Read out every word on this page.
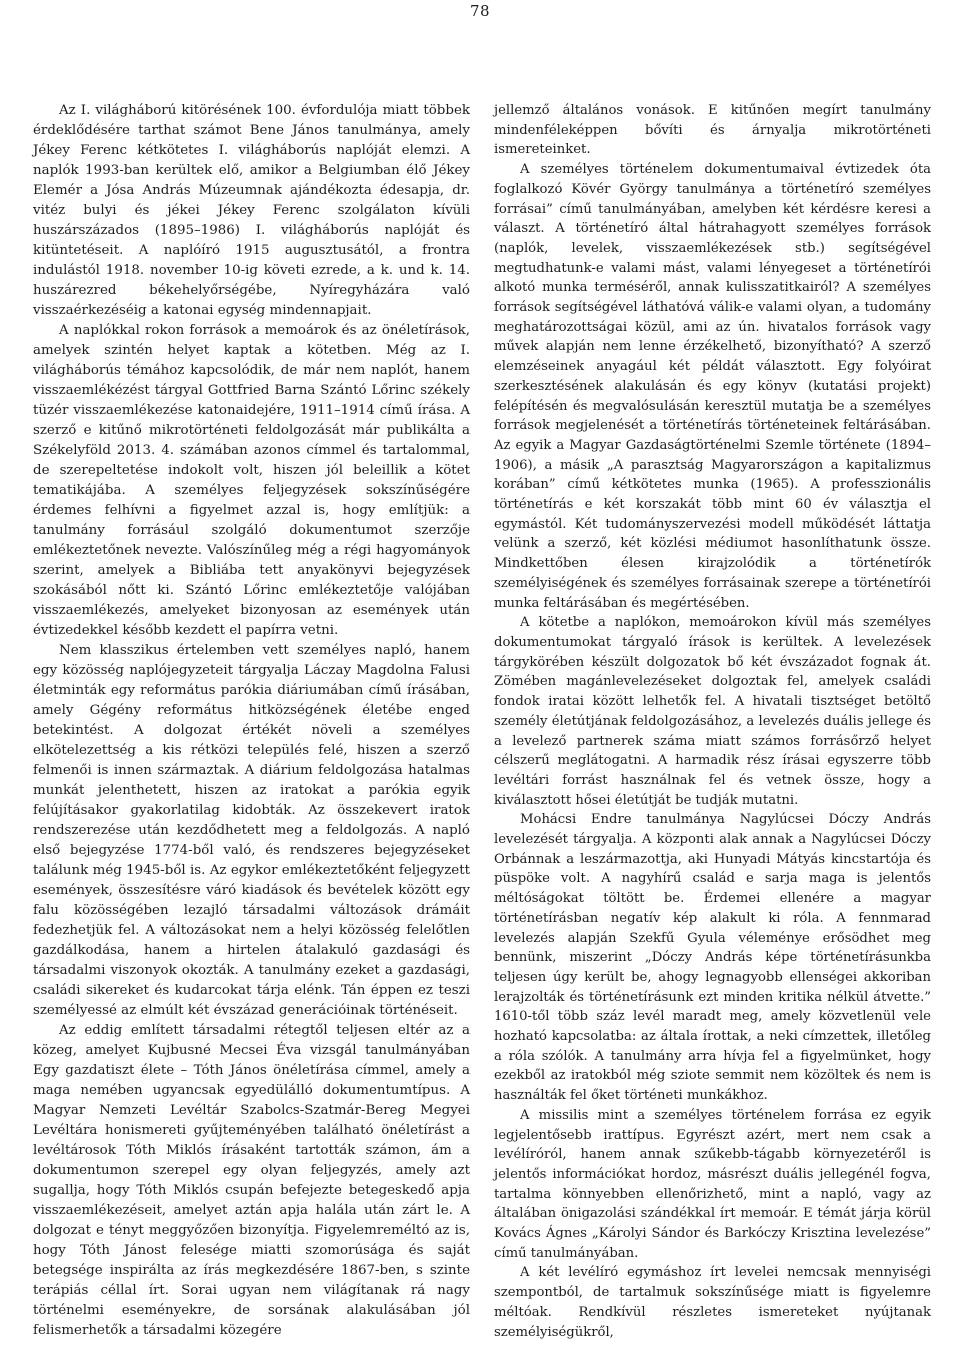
78

Az I. világháború kitörésének 100. évfordulója miatt többek érdeklődésére tarthat számot Bene János tanulmánya, amely Jékey Ferenc kétkötetes I. világháborús naplóját elemzi. A naplók 1993-ban kerültek elő, amikor a Belgiumban élő Jékey Elemér a Jósa András Múzeumnak ajándékozta édesapja, dr. vitéz bulyi és jékei Jékey Ferenc szolgálaton kívüli huszárszázados (1895–1986) I. világháborús naplóját és kitüntetéseit. A naplóíró 1915 augusztusától, a frontra indulástól 1918. november 10-ig követi ezrede, a k. und k. 14. huszárezred békehelyőrségébe, Nyíregyházára való visszaérkezéséig a katonai egység mindennapjait.

A naplókkal rokon források a memoárok és az önéletírások, amelyek szintén helyet kaptak a kötetben. Még az I. világháborús témához kapcsolódik, de már nem naplót, hanem visszaemlékézést tárgyal Gottfried Barna Szántó Lőrinc székely tüzér visszaemlékezése katonaidejére, 1911–1914 című írása. A szerző e kitűnő mikrotörténeti feldolgozását már publikálta a Székelyföld 2013. 4. számában azonos címmel és tartalommal, de szerepeltetése indokolt volt, hiszen jól beleillik a kötet tematikájába. A személyes feljegyzések sokszínűségére érdemes felhívni a figyelmet azzal is, hogy említjük: a tanulmány forrásául szolgáló dokumentumot szerzője emlékeztetőnek nevezte. Valószínűleg még a régi hagyományok szerint, amelyek a Bibliába tett anyakönyvi bejegyzések szokásából nőtt ki. Szántó Lőrinc emlékeztetője valójában visszaemlékezés, amelyeket bizonyosan az események után évtizedekkel később kezdett el papírra vetni.

Nem klasszikus értelemben vett személyes napló, hanem egy közösség naplójegyzeteit tárgyalja Láczay Magdolna Falusi életminták egy református parókia diáriumában című írásában, amely Gégény református hitközségének életébe enged betekintést. A dolgozat értékét növeli a személyes elkötelezettség a kis rétközi település felé, hiszen a szerző felmenői is innen származtak. A diárium feldolgozása hatalmas munkát jelenthetett, hiszen az iratokat a parókia egyik felújításakor gyakorlatilag kidobták. Az összekevert iratok rendszerezése után kezdődhetett meg a feldolgozás. A napló első bejegyzése 1774-ből való, és rendszeres bejegyzéseket találunk még 1945-ből is. Az egykor emlékeztetőként feljegyzett események, összesítésre váró kiadások és bevételek között egy falu közösségében lezajló társadalmi változások drámáit fedezhetjük fel. A változásokat nem a helyi közösség felelőtlen gazdálkodása, hanem a hirtelen átalakuló gazdasági és társadalmi viszonyok okozták. A tanulmány ezeket a gazdasági, családi sikereket és kudarcokat tárja elénk. Tán éppen ez teszi személyessé az elmúlt két évszázad generációinak történéseit.

Az eddig említett társadalmi rétegtől teljesen eltér az a közeg, amelyet Kujbusné Mecsei Éva vizsgál tanulmányában Egy gazdatiszt élete – Tóth János önéletírása címmel, amely a maga nemében ugyancsak egyedülálló dokumentumtípus. A Magyar Nemzeti Levéltár Szabolcs-Szatmár-Bereg Megyei Levéltára honismereti gyűjteményében található önéletírást a levéltárosok Tóth Miklós írásaként tartották számon, ám a dokumentumon szerepel egy olyan feljegyzés, amely azt sugallja, hogy Tóth Miklós csupán befejezte betegeskedő apja visszaemlékezéseit, amelyet aztán apja halála után zárt le. A dolgozat e tényt meggyőzően bizonyítja. Figyelemreméltó az is, hogy Tóth Jánost felesége miatti szomorúsága és saját betegsége inspirálta az írás megkezdésére 1867-ben, s szinte terápiás céllal írt. Sorai ugyan nem világítanak rá nagy történelmi eseményekre, de sorsának alakulásában jól felismerhetők a társadalmi közegére

jellemző általános vonások. E kitűnően megírt tanulmány mindenféleképpen bővíti és árnyalja mikrotörténeti ismereteinket.

A személyes történelem dokumentumaival évtizedek óta foglalkozó Kövér György tanulmánya a történetíró személyes forrásai” című tanulmányában, amelyben két kérdésre keresi a választ. A történetíró által hátrahagyott személyes források (naplók, levelek, visszaemlékezések stb.) segítségével megtudhatunk-e valami mást, valami lényegeset a történetírói alkotó munka terméséről, annak kulisszatitkairól? A személyes források segítségével láthatóvá válik-e valami olyan, a tudomány meghatározottságai közül, ami az ún. hivatalos források vagy művek alapján nem lenne érzékelhető, bizonyítható? A szerző elemzéseinek anyagául két példát választott. Egy folyóirat szerkesztésének alakulásán és egy könyv (kutatási projekt) felépítésén és megvalósulásán keresztül mutatja be a személyes források megjelenését a történetírás történeteinek feltárásában. Az egyik a Magyar Gazdaságtörténelmi Szemle története (1894–1906), a másik „A parasztság Magyarországon a kapitalizmus korában” című kétkötetes munka (1965). A professzionális történetírás e két korszakát több mint 60 év választja el egymástól. Két tudományszervezési modell működését láttatja velünk a szerző, két közlési médiumot hasonlíthatunk össze. Mindkettőben élesen kirajzolódik a történetírók személyiségének és személyes forrásainak szerepe a történetírói munka feltárásában és megértésében.

A kötetbe a naplókon, memoárokon kívül más személyes dokumentumokat tárgyaló írások is kerültek. A levelezések tárgykörében készült dolgozatok bő két évszázadot fognak át. Zömében magánlevelezéseket dolgoztak fel, amelyek családi fondok iratai között lelhetők fel. A hivatali tisztséget betöltő személy életútjának feldolgozásához, a levelezés duális jellege és a levelező partnerek száma miatt számos forrásőrző helyet célszerű meglátogatni. A harmadik rész írásai egyszerre több levéltári forrást használnak fel és vetnek össze, hogy a kiválasztott hősei életútját be tudják mutatni.

Mohácsi Endre tanulmánya Nagylúcsei Dóczy András levelezését tárgyalja. A központi alak annak a Nagylúcsei Dóczy Orbánnak a leszármazottja, aki Hunyadi Mátyás kincstartója és püspöke volt. A nagyhírű család e sarja maga is jelentős méltóságokat töltött be. Érdemei ellenére a magyar történetírásban negatív kép alakult ki róla. A fennmarad levelezés alapján Szekfű Gyula véleménye erősödhet meg bennünk, miszerint „Dóczy András képe történetírásunkba teljesen úgy került be, ahogy legnagyobb ellenségei akkoriban lerajzolták és történetírásunk ezt minden kritika nélkül átvette.” 1610-től több száz levél maradt meg, amely közvetlenül vele hozható kapcsolatba: az általa írottak, a neki címzettek, illetőleg a róla szólók. A tanulmány arra hívja fel a figyelmünket, hogy ezekből az iratokból még sziote semmit nem közöltek és nem is használták fel őket történeti munkákhoz.

A missilis mint a személyes történelem forrása ez egyik legjelentősebb irattípus. Egyrészt azért, mert nem csak a levélíróról, hanem annak szűkebb-tágabb környezetéről is jelentős információkat hordoz, másrészt duális jellegénél fogva, tartalma könnyebben ellenőrizhető, mint a napló, vagy az általában önigazolási szándékkal írt memoár. E témát járja körül Kovács Ágnes „Károlyi Sándor és Barkóczy Krisztina levelezése” című tanulmányában.

A két levélíró egymáshoz írt levelei nemcsak mennyiségi szempontból, de tartalmuk sokszínűsége miatt is figyelemre méltóak. Rendkívül részletes ismereteket nyújtanak személyiségükről,
